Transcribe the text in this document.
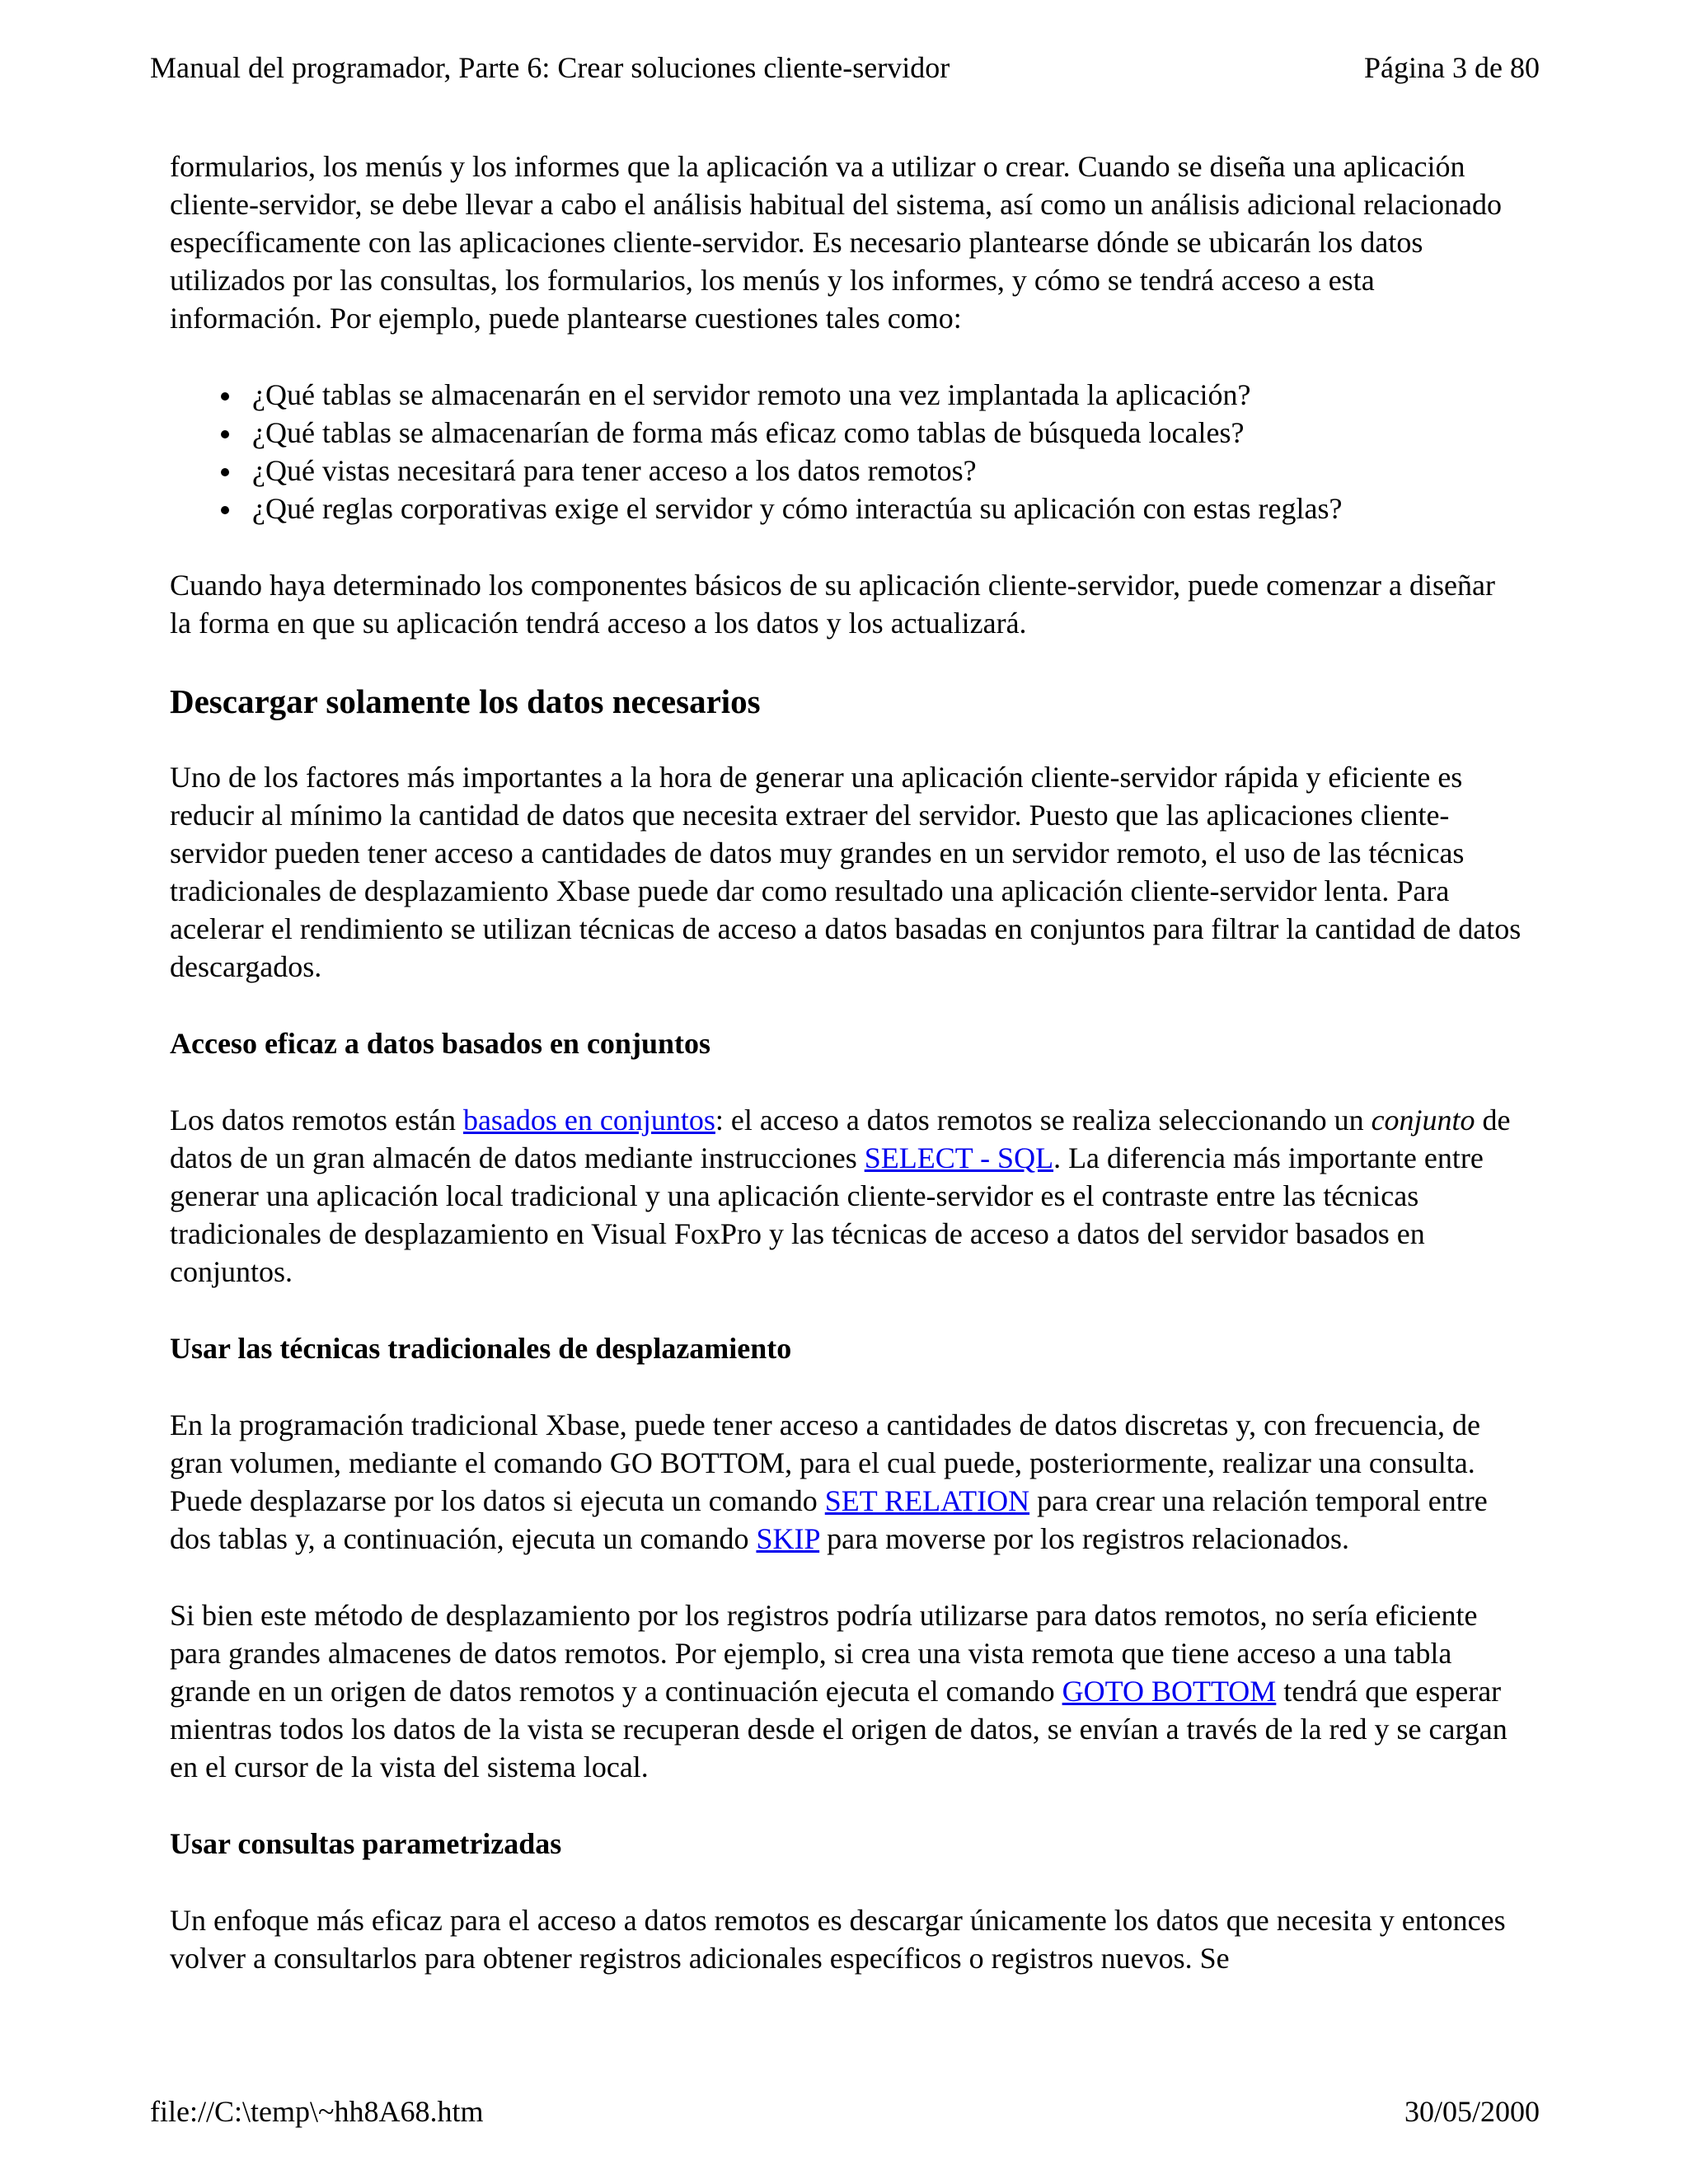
Manual del programador, Parte 6: Crear soluciones cliente-servidor	Página 3 de 80

formularios, los menús y los informes que la aplicación va a utilizar o crear. Cuando se diseña una aplicación cliente-servidor, se debe llevar a cabo el análisis habitual del sistema, así como un análisis adicional relacionado específicamente con las aplicaciones cliente-servidor. Es necesario plantearse dónde se ubicarán los datos utilizados por las consultas, los formularios, los menús y los informes, y cómo se tendrá acceso a esta información. Por ejemplo, puede plantearse cuestiones tales como:

¿Qué tablas se almacenarán en el servidor remoto una vez implantada la aplicación?
¿Qué tablas se almacenarían de forma más eficaz como tablas de búsqueda locales?
¿Qué vistas necesitará para tener acceso a los datos remotos?
¿Qué reglas corporativas exige el servidor y cómo interactúa su aplicación con estas reglas?

Cuando haya determinado los componentes básicos de su aplicación cliente-servidor, puede comenzar a diseñar la forma en que su aplicación tendrá acceso a los datos y los actualizará.

Descargar solamente los datos necesarios

Uno de los factores más importantes a la hora de generar una aplicación cliente-servidor rápida y eficiente es reducir al mínimo la cantidad de datos que necesita extraer del servidor. Puesto que las aplicaciones cliente-servidor pueden tener acceso a cantidades de datos muy grandes en un servidor remoto, el uso de las técnicas tradicionales de desplazamiento Xbase puede dar como resultado una aplicación cliente-servidor lenta. Para acelerar el rendimiento se utilizan técnicas de acceso a datos basadas en conjuntos para filtrar la cantidad de datos descargados.

Acceso eficaz a datos basados en conjuntos

Los datos remotos están basados en conjuntos: el acceso a datos remotos se realiza seleccionando un conjunto de datos de un gran almacén de datos mediante instrucciones SELECT - SQL. La diferencia más importante entre generar una aplicación local tradicional y una aplicación cliente-servidor es el contraste entre las técnicas tradicionales de desplazamiento en Visual FoxPro y las técnicas de acceso a datos del servidor basados en conjuntos.

Usar las técnicas tradicionales de desplazamiento

En la programación tradicional Xbase, puede tener acceso a cantidades de datos discretas y, con frecuencia, de gran volumen, mediante el comando GO BOTTOM, para el cual puede, posteriormente, realizar una consulta. Puede desplazarse por los datos si ejecuta un comando SET RELATION para crear una relación temporal entre dos tablas y, a continuación, ejecuta un comando SKIP para moverse por los registros relacionados.

Si bien este método de desplazamiento por los registros podría utilizarse para datos remotos, no sería eficiente para grandes almacenes de datos remotos. Por ejemplo, si crea una vista remota que tiene acceso a una tabla grande en un origen de datos remotos y a continuación ejecuta el comando GOTO BOTTOM tendrá que esperar mientras todos los datos de la vista se recuperan desde el origen de datos, se envían a través de la red y se cargan en el cursor de la vista del sistema local.

Usar consultas parametrizadas

Un enfoque más eficaz para el acceso a datos remotos es descargar únicamente los datos que necesita y entonces volver a consultarlos para obtener registros adicionales específicos o registros nuevos. Se

file://C:\temp\~hh8A68.htm	30/05/2000
